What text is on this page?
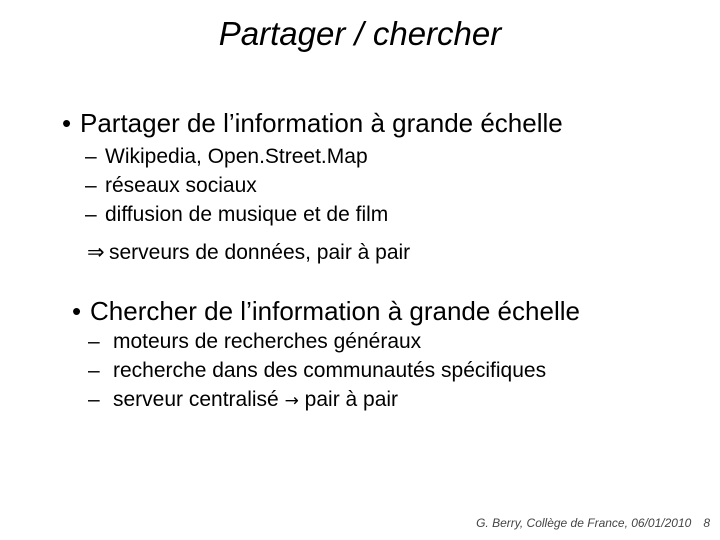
Partager / chercher
• Partager de l’information à grande échelle
– Wikipedia, Open.Street.Map
– réseaux sociaux
– diffusion de musique et de film
⇒ serveurs de données, pair à pair
• Chercher de l’information à grande échelle
– moteurs de recherches généraux
– recherche dans des communautés spécifiques
– serveur centralisé → pair à pair
G. Berry, Collège de France, 06/01/2010 8
